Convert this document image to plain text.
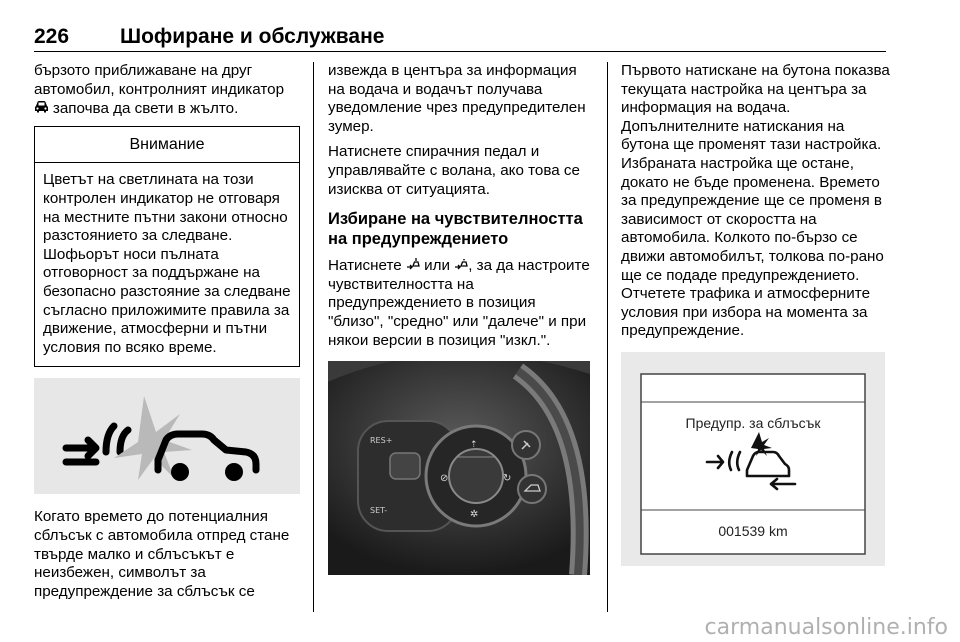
226 Шофиране и обслужване

бързото приближаване на друг автомобил, контролният индикатор
започва да свети в жълто.

Внимание
Цветът на светлината на този контролен индикатор не отговаря на местните пътни закони относно разстоянието за следване. Шофьорът носи пълната отговорност за поддържане на безопасно разстояние за следване съгласно приложимите правила за движение, атмосферни и пътни условия по всяко време.

Когато времето до потенциалния сблъсък с автомобила отпред стане твърде малко и сблъсъкът е неизбежен, символът за предупреждение за сблъсък се

извежда в центъра за информация на водача и водачът получава уведомление чрез предупредителен зумер.

Натиснете спирачния педал и управлявайте с волана, ако това се изисква от ситуацията.

Избиране на чувствителността на предупреждението

Натиснете  или , за да настроите чувствителността на предупреждението в позиция "близо", "средно" или "далече" и при някои версии в позиция "изкл.".

RES+
SET-
⇡
✲
⊘	↻

Първото натискане на бутона показва текущата настройка на центъра за информация на водача. Допълнителните натискания на бутона ще променят тази настройка. Избраната настройка ще остане, докато не бъде променена. Времето за предупреждение ще се променя в зависимост от скоростта на автомобила. Колкото по-бързо се движи автомобилът, толкова по-рано ще се подаде предупреждението. Отчетете трафика и атмосферните условия при избора на момента за предупреждение.

Предупр. за сблъсък
001539 km
carmanualsonline.info
